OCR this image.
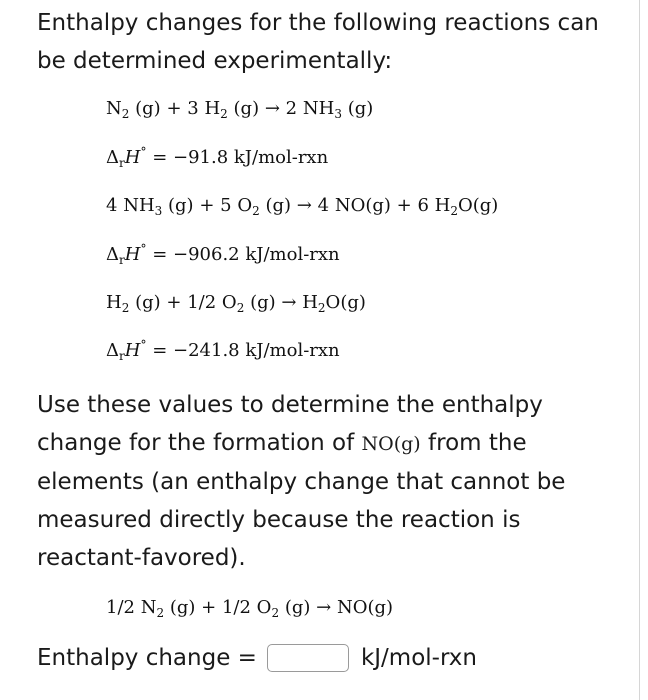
Enthalpy changes for the following reactions can be determined experimentally:

$N_2$ (g) + 3 $H_2$ (g) → 2 $NH_3$ (g)
$\Delta_rH^\circ = -91.8$ kJ/mol-rxn
4 $NH_3$ (g) + 5 $O_2$ (g) → 4 NO(g) + 6 $H_2O(g)$
$\Delta_rH^\circ = -906.2$ kJ/mol-rxn
$H_2$ (g) + 1/2 $O_2$ $(g) \to H_2O(g)$
$\Delta_rH^\circ = -241.8$ kJ/mol-rxn

Use these values to determine the enthalpy change for the formation of NO(g) from the elements (an enthalpy change that cannot be measured directly because the reaction is reactant-favored).

1/2 $N_2$ (g) + 1/2 $O_2$ (g) → NO(g)
Enthalpy change =	kJ/mol-rxn
